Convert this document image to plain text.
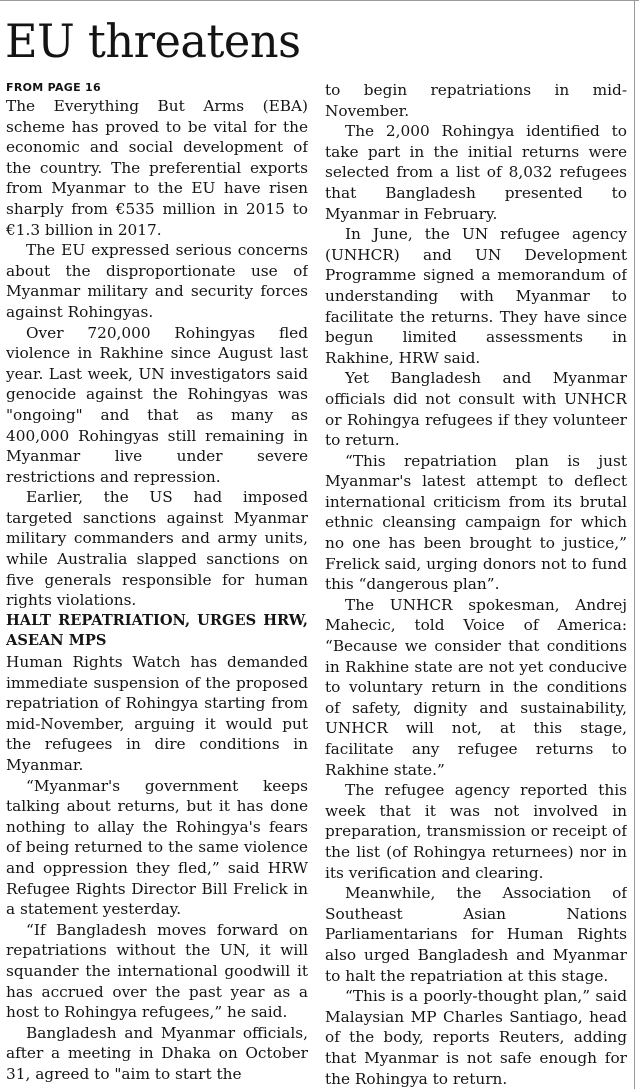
EU threatens
FROM PAGE 16

The Everything But Arms (EBA) scheme has proved to be vital for the economic and social development of the country. The preferential exports from Myanmar to the EU have risen sharply from €535 million in 2015 to €1.3 billion in 2017.

The EU expressed serious concerns about the disproportionate use of Myanmar military and security forces against Rohingyas.

Over 720,000 Rohingyas fled violence in Rakhine since August last year. Last week, UN investigators said genocide against the Rohingyas was "ongoing" and that as many as 400,000 Rohingyas still remaining in Myanmar live under severe restrictions and repression.

Earlier, the US had imposed targeted sanctions against Myanmar military commanders and army units, while Australia slapped sanctions on five generals responsible for human rights violations.

HALT REPATRIATION, URGES HRW, ASEAN MPS

Human Rights Watch has demanded immediate suspension of the proposed repatriation of Rohingya starting from mid-November, arguing it would put the refugees in dire conditions in Myanmar.

“Myanmar's government keeps talking about returns, but it has done nothing to allay the Rohingya's fears of being returned to the same violence and oppression they fled,” said HRW Refugee Rights Director Bill Frelick in a statement yesterday.

“If Bangladesh moves forward on repatriations without the UN, it will squander the international goodwill it has accrued over the past year as a host to Rohingya refugees,” he said.

Bangladesh and Myanmar officials, after a meeting in Dhaka on October 31, agreed to "aim to start the

to begin repatriations in mid-November.

The 2,000 Rohingya identified to take part in the initial returns were selected from a list of 8,032 refugees that Bangladesh presented to Myanmar in February.

In June, the UN refugee agency (UNHCR) and UN Development Programme signed a memorandum of understanding with Myanmar to facilitate the returns. They have since begun limited assessments in Rakhine, HRW said.

Yet Bangladesh and Myanmar officials did not consult with UNHCR or Rohingya refugees if they volunteer to return.

“This repatriation plan is just Myanmar's latest attempt to deflect international criticism from its brutal ethnic cleansing campaign for which no one has been brought to justice,” Frelick said, urging donors not to fund this “dangerous plan”.

The UNHCR spokesman, Andrej Mahecic, told Voice of America: “Because we consider that conditions in Rakhine state are not yet conducive to voluntary return in the conditions of safety, dignity and sustainability, UNHCR will not, at this stage, facilitate any refugee returns to Rakhine state.”

The refugee agency reported this week that it was not involved in preparation, transmission or receipt of the list (of Rohingya returnees) nor in its verification and clearing.

Meanwhile, the Association of Southeast Asian Nations Parliamentarians for Human Rights also urged Bangladesh and Myanmar to halt the repatriation at this stage.

“This is a poorly-thought plan,” said Malaysian MP Charles Santiago, head of the body, reports Reuters, adding that Myanmar is not safe enough for the Rohingya to return.
